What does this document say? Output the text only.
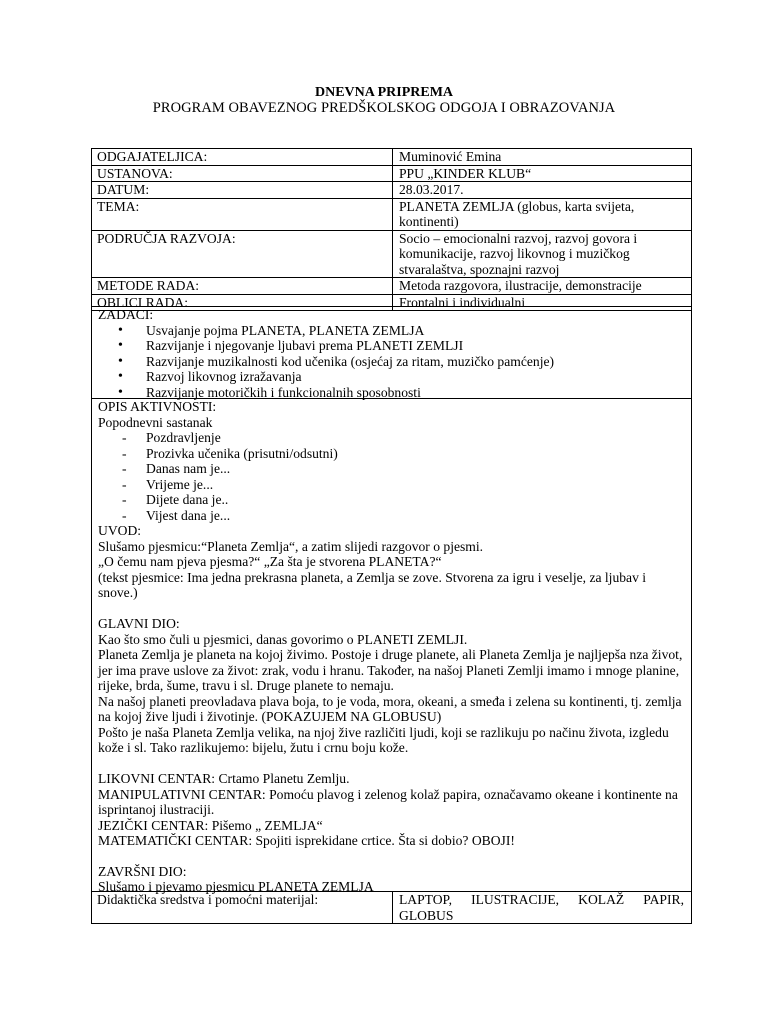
DNEVNA PRIPREMA
PROGRAM OBAVEZNOG PREDŠKOLSKOG ODGOJA I OBRAZOVANJA
ODGAJATELJICA:	Muminović Emina
USTANOVA:	PPU „KINDER KLUB“
DATUM:	28.03.2017.
TEMA:	PLANETA ZEMLJA (globus, karta svijeta, kontinenti)
PODRUČJA RAZVOJA:	Socio – emocionalni razvoj, razvoj govora i komunikacije, razvoj likovnog i muzičkog stvaralaštva, spoznajni razvoj
METODE RADA:	Metoda razgovora, ilustracije, demonstracije
OBLICI RADA:	Frontalni i individualni
ZADACI:
• Usvajanje pojma PLANETA, PLANETA ZEMLJA
• Razvijanje i njegovanje ljubavi prema PLANETI ZEMLJI
• Razvijanje muzikalnosti kod učenika (osjećaj za ritam, muzičko pamćenje)
• Razvoj likovnog izražavanja
• Razvijanje motoričkih i funkcionalnih sposobnosti

OPIS AKTIVNOSTI:

Popodnevni sastanak

- Pozdravljenje

- Prozivka učenika (prisutni/odsutni)

- Danas nam je...

- Vrijeme je...

- Dijete dana je..

- Vijest dana je...

UVOD:

Slušamo pjesmicu:“Planeta Zemlja“, a zatim slijedi razgovor o pjesmi.

„O čemu nam pjeva pjesma?“ „Za šta je stvorena PLANETA?“

(tekst pjesmice: Ima jedna prekrasna planeta, a Zemlja se zove. Stvorena za igru i veselje, za ljubav i snove.)

GLAVNI DIO:

Kao što smo čuli u pjesmici, danas govorimo o PLANETI ZEMLJI.

Planeta Zemlja je planeta na kojoj živimo. Postoje i druge planete, ali Planeta Zemlja je najljepša nza život, jer ima prave uslove za život: zrak, vodu i hranu. Također, na našoj Planeti Zemlji imamo i mnoge planine, rijeke, brda, šume, travu i sl. Druge planete to nemaju.

Na našoj planeti preovladava plava boja, to je voda, mora, okeani, a smeđa i zelena su kontinenti, tj. zemlja na kojoj žive ljudi i životinje. (POKAZUJEM NA GLOBUSU)

Pošto je naša Planeta Zemlja velika, na njoj žive različiti ljudi, koji se razlikuju po načinu života, izgledu kože i sl. Tako razlikujemo: bijelu, žutu i crnu boju kože.

LIKOVNI CENTAR: Crtamo Planetu Zemlju.

MANIPULATIVNI CENTAR: Pomoću plavog i zelenog kolaž papira, označavamo okeane i kontinente na isprintanoj ilustraciji.

JEZIČKI CENTAR: Pišemo „ ZEMLJA“

MATEMATIČKI CENTAR: Spojiti isprekidane crtice. Šta si dobio? OBOJI!

ZAVRŠNI DIO:

Slušamo i pjevamo pjesmicu PLANETA ZEMLJA

Didaktička sredstva i pomoćni materijal:	LAPTOP, ILUSTRACIJE, KOLAŽ PAPIR, GLOBUS
